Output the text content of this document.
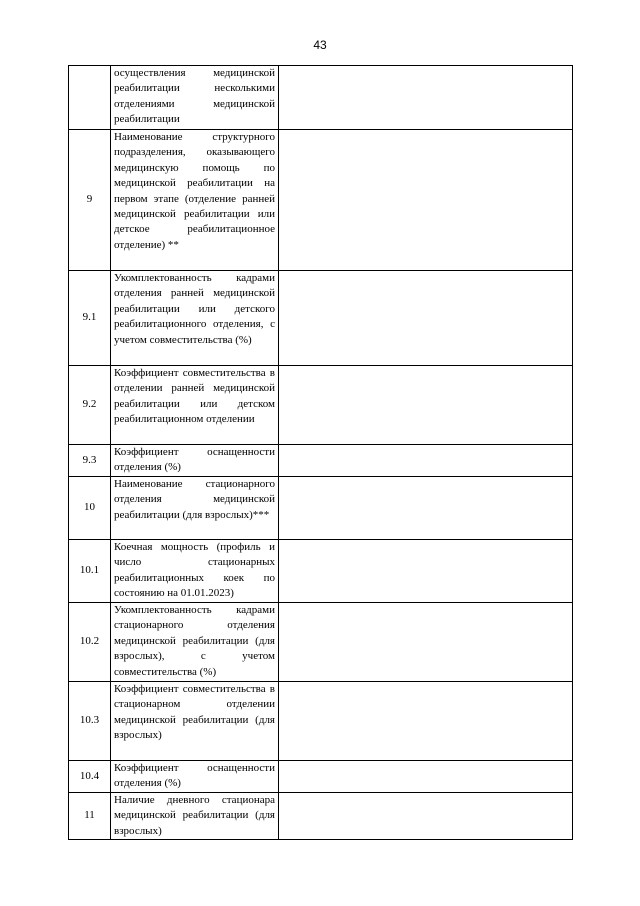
43
	осуществления медицинской реабилитации несколькими отделениями медицинской реабилитации	
9	Наименование структурного подразделения, оказывающего медицинскую помощь по медицинской реабилитации на первом этапе (отделение ранней медицинской реабилитации или детское реабилитационное отделение) **	
9.1	Укомплектованность кадрами отделения ранней медицинской реабилитации или детского реабилитационного отделения, с учетом совместительства (%)	
9.2	Коэффициент совместительства в отделении ранней медицинской реабилитации или детском реабилитационном отделении	
9.3	Коэффициент оснащенности отделения (%)	
10	Наименование стационарного отделения медицинской реабилитации (для взрослых)***	
10.1	Коечная мощность (профиль и число стационарных реабилитационных коек по состоянию на 01.01.2023)	
10.2	Укомплектованность кадрами стационарного отделения медицинской реабилитации (для взрослых), с учетом совместительства (%)	
10.3	Коэффициент совместительства в стационарном отделении медицинской реабилитации (для взрослых)	
10.4	Коэффициент оснащенности отделения (%)	
11	Наличие дневного стационара медицинской реабилитации (для взрослых)	
